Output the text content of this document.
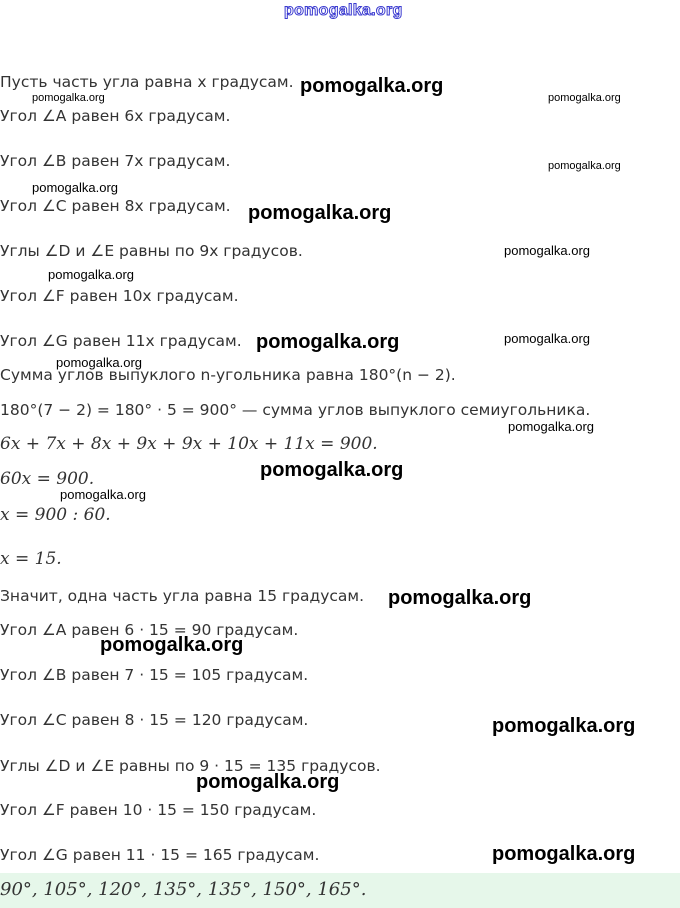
pomogalka.org
Пусть часть угла равна x градусам.
Угол ∠A равен 6x градусам.
Угол ∠B равен 7x градусам.
Угол ∠C равен 8x градусам.
Углы ∠D и ∠E равны по 9x градусов.
Угол ∠F равен 10x градусам.
Угол ∠G равен 11x градусам.
Сумма углов выпуклого n-угольника равна 180°(n − 2).
180°(7 − 2) = 180° · 5 = 900° — сумма углов выпуклого семиугольника.
6x + 7x + 8x + 9x + 9x + 10x + 11x = 900.
60x = 900.
x = 900 : 60.
x = 15.
Значит, одна часть угла равна 15 градусам.
Угол ∠A равен 6 · 15 = 90 градусам.
Угол ∠B равен 7 · 15 = 105 градусам.
Угол ∠C равен 8 · 15 = 120 градусам.
Углы ∠D и ∠E равны по 9 · 15 = 135 градусов.
Угол ∠F равен 10 · 15 = 150 градусам.
Угол ∠G равен 11 · 15 = 165 градусам.
90°, 105°, 120°, 135°, 135°, 150°, 165°.
pomogalka.org
pomogalka.org	pomogalka.org
pomogalka.org
pomogalka.org
pomogalka.org
pomogalka.org
pomogalka.org
pomogalka.org	pomogalka.org
pomogalka.org
pomogalka.org
pomogalka.org
pomogalka.org
pomogalka.org
pomogalka.org
pomogalka.org
pomogalka.org
pomogalka.org
